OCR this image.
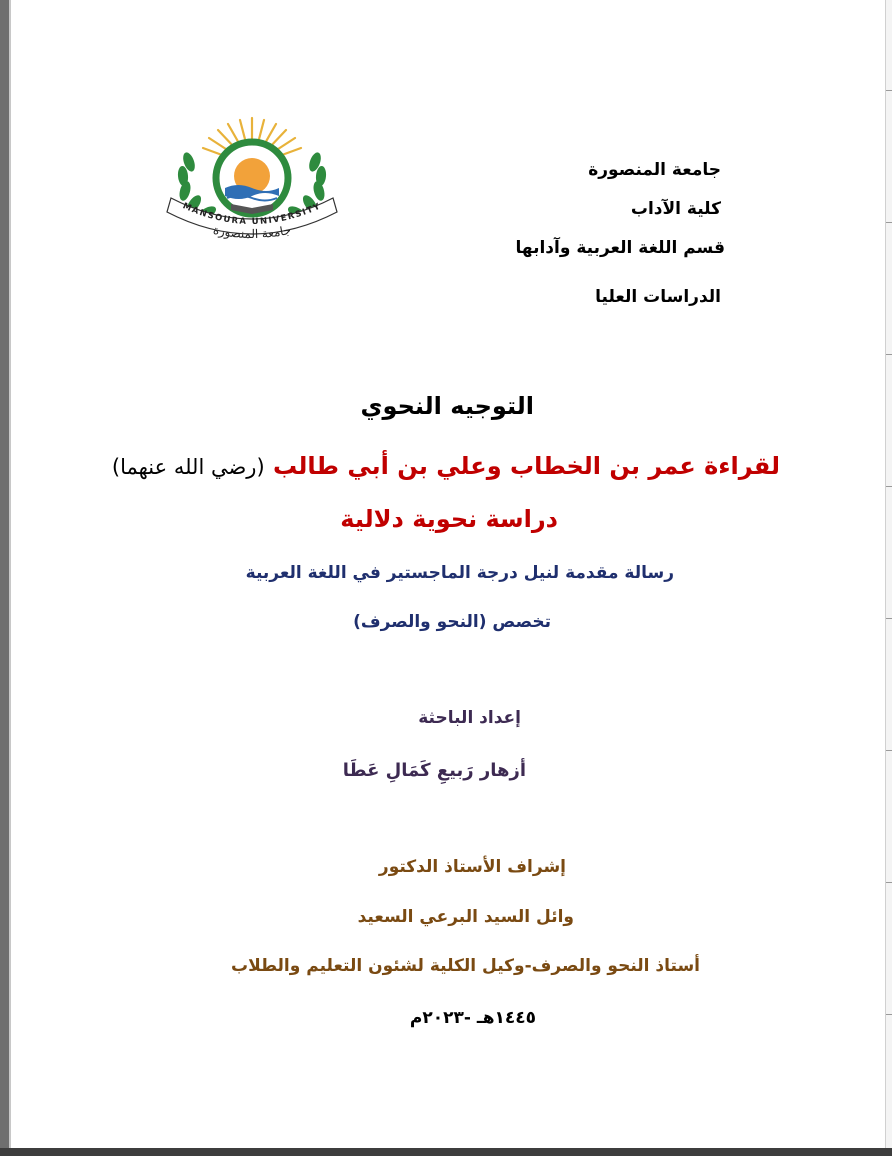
MANSOURA UNIVERSITY
جامعة المنصورة
جامعة المنصورة
كلية الآداب
قسم اللغة العربية وآدابها
الدراسات العليا
التوجيه النحوي
لقراءة عمر بن الخطاب وعلي بن أبي طالب (رضي الله عنهما)
دراسة نحوية دلالية
رسالة مقدمة لنيل درجة الماجستير في اللغة العربية
تخصص (النحو والصرف)
إعداد الباحثة
أزهار رَبيعِ كَمَالِ عَطَا
إشراف الأستاذ الدكتور
وائل السيد البرعي السعيد
أستاذ النحو والصرف-وكيل الكلية لشئون التعليم والطلاب
١٤٤٥هـ -٢٠٢٣م
